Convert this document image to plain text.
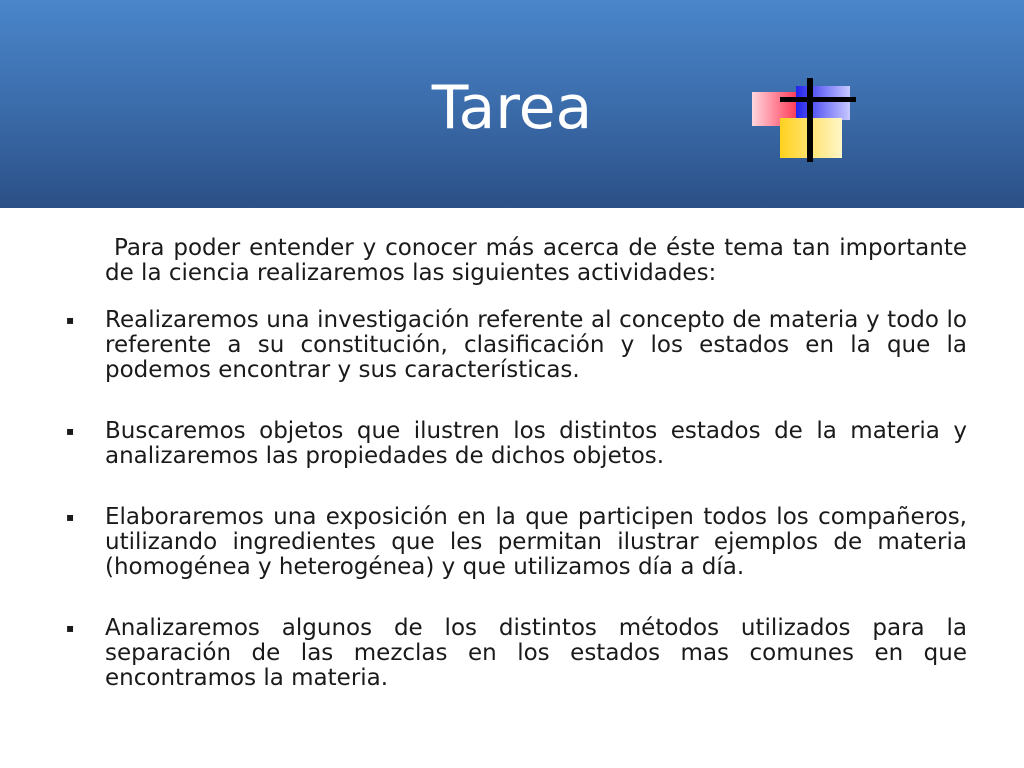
Tarea

Para poder entender y conocer más acerca de éste tema tan importante de la ciencia realizaremos las siguientes actividades:

▪	Realizaremos una investigación referente al concepto de materia y todo lo referente a su constitución, clasificación y los estados en la que la podemos encontrar y sus características.
▪	Buscaremos objetos que ilustren los distintos estados de la materia y analizaremos las propiedades de dichos objetos.
▪	Elaboraremos una exposición en la que participen todos los compañeros, utilizando ingredientes que les permitan ilustrar ejemplos de materia (homogénea y heterogénea) y que utilizamos día a día.
▪	Analizaremos algunos de los distintos métodos utilizados para la separación de las mezclas en los estados mas comunes en que encontramos la materia.
